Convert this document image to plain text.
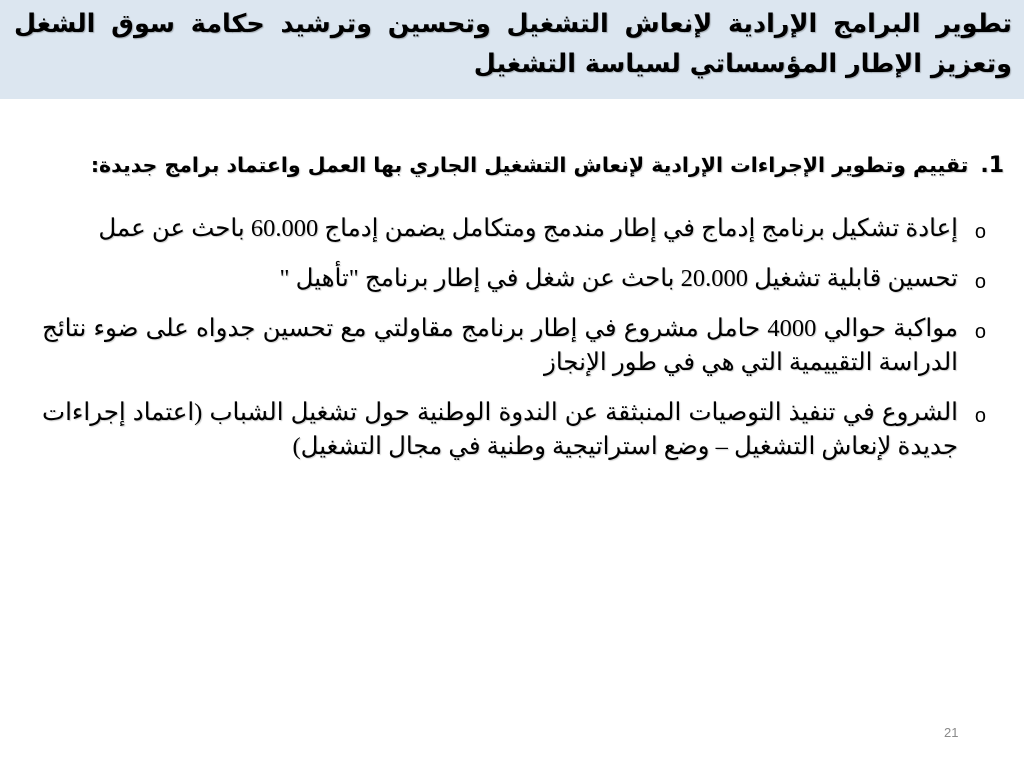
تطوير البرامج الإرادية لإنعاش التشغيل وتحسين وترشيد حكامة سوق الشغل وتعزيز الإطار المؤسساتي لسياسة التشغيل

1.
تقييم وتطوير الإجراءات الإرادية لإنعاش التشغيل الجاري بها العمل واعتماد برامج جديدة:
o

إعادة تشكيل برنامج إدماج في إطار مندمج ومتكامل يضمن إدماج 60.000 باحث عن عمل

o

تحسين قابلية تشغيل 20.000 باحث عن شغل في إطار برنامج "تأهيل "

o

مواكبة حوالي 4000 حامل مشروع في إطار برنامج مقاولتي مع تحسين جدواه على ضوء نتائج الدراسة التقييمية التي هي في طور الإنجاز

o

الشروع في تنفيذ التوصيات المنبثقة عن الندوة الوطنية حول تشغيل الشباب (اعتماد إجراءات جديدة لإنعاش التشغيل – وضع استراتيجية وطنية في مجال التشغيل)

21
